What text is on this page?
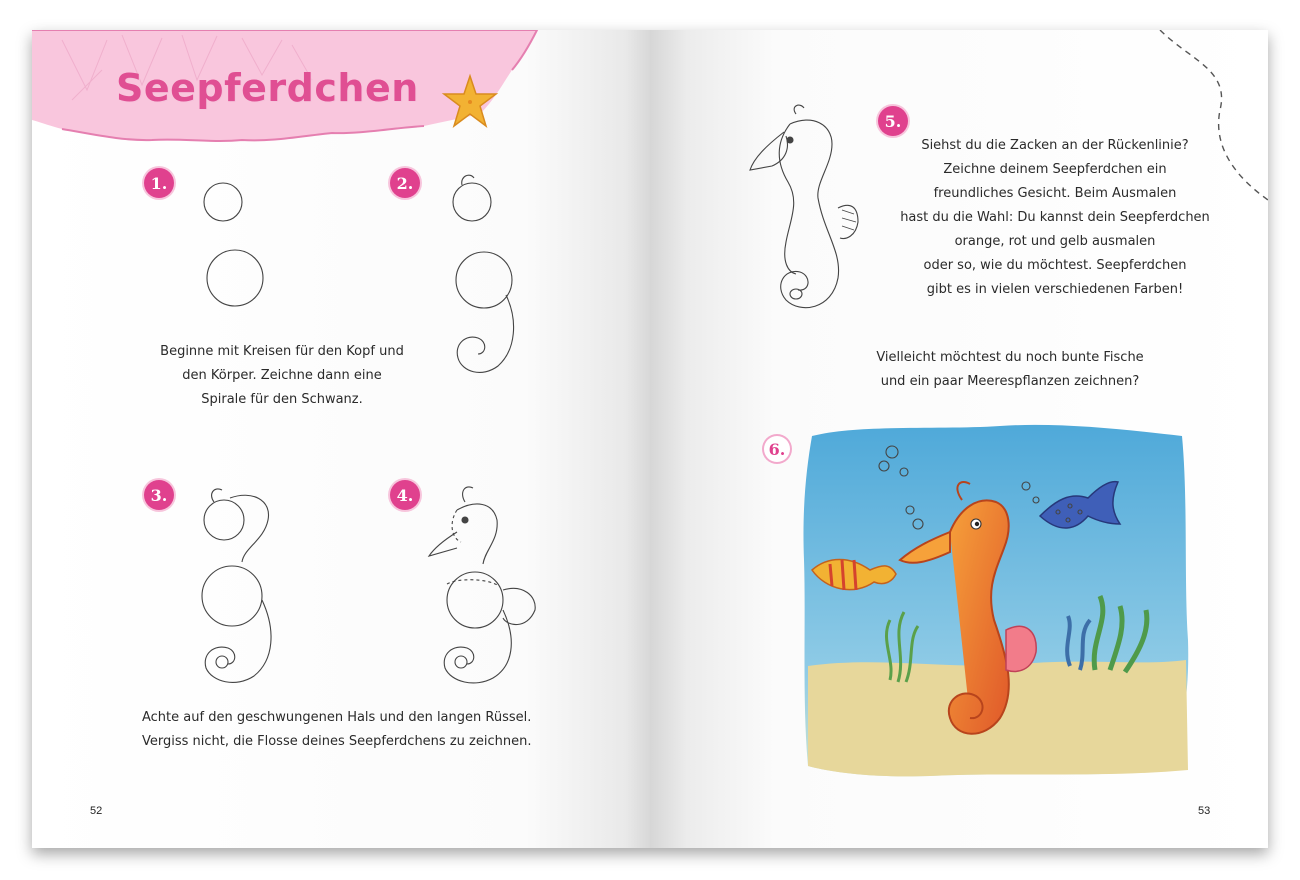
Seepferdchen
1.	2.
Beginne mit Kreisen für den Kopf und
den Körper. Zeichne dann eine
Spirale für den Schwanz.
3.	4.
Achte auf den geschwungenen Hals und den langen Rüssel.
Vergiss nicht, die Flosse deines Seepferdchens zu zeichnen.
52
5.
Siehst du die Zacken an der Rückenlinie?
Zeichne deinem Seepferdchen ein
freundliches Gesicht. Beim Ausmalen
hast du die Wahl: Du kannst dein Seepferdchen
orange, rot und gelb ausmalen
oder so, wie du möchtest. Seepferdchen
gibt es in vielen verschiedenen Farben!
Vielleicht möchtest du noch bunte Fische
und ein paar Meerespflanzen zeichnen?
6.
53
